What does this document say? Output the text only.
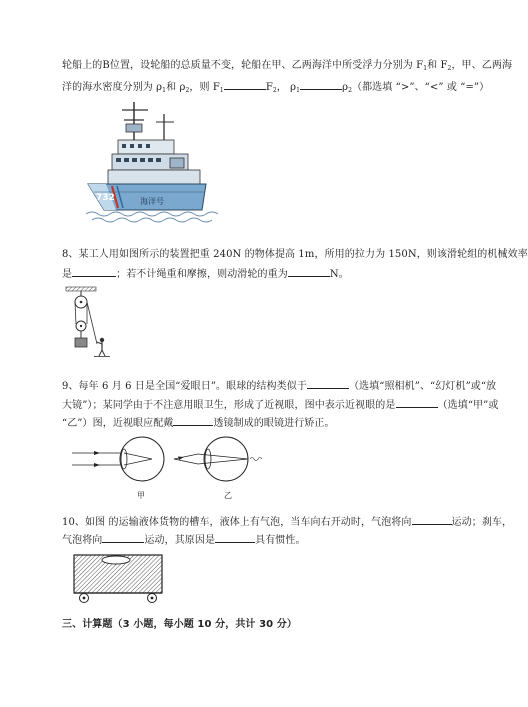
轮船上的B位置，设轮船的总质量不变，轮船在甲、乙两海洋中所受浮力分别为 $F_1$和 $F_2$，甲、乙两海
洋的海水密度分别为 $\rho_1$和 $\rho_2$，则 $F_1$	$F_2$， $\rho_1$	$\rho_2$（都选填 “>”、“<” 或 “=”）
732	海洋号
8、某工人用如图所示的装置把重 240N 的物体提高 1m，所用的拉力为 150N，则该滑轮组的机械效率
是	；若不计绳重和摩擦，则动滑轮的重为	N。
9、每年 6 月 6 日是全国“爱眼日”。眼球的结构类似于	（选填“照相机”、“幻灯机”或“放
大镜”）；某同学由于不注意用眼卫生，形成了近视眼，图中表示近视眼的是	（选填“甲”或
“乙”）图，近视眼应配戴	透镜制成的眼镜进行矫正。
甲	乙
10、如图 的运输液体货物的槽车，液体上有气泡，当车向右开动时，气泡将向	运动；刹车，
气泡将向	运动，其原因是	具有惯性。
三、计算题（3 小题，每小题 10 分，共计 30 分）
